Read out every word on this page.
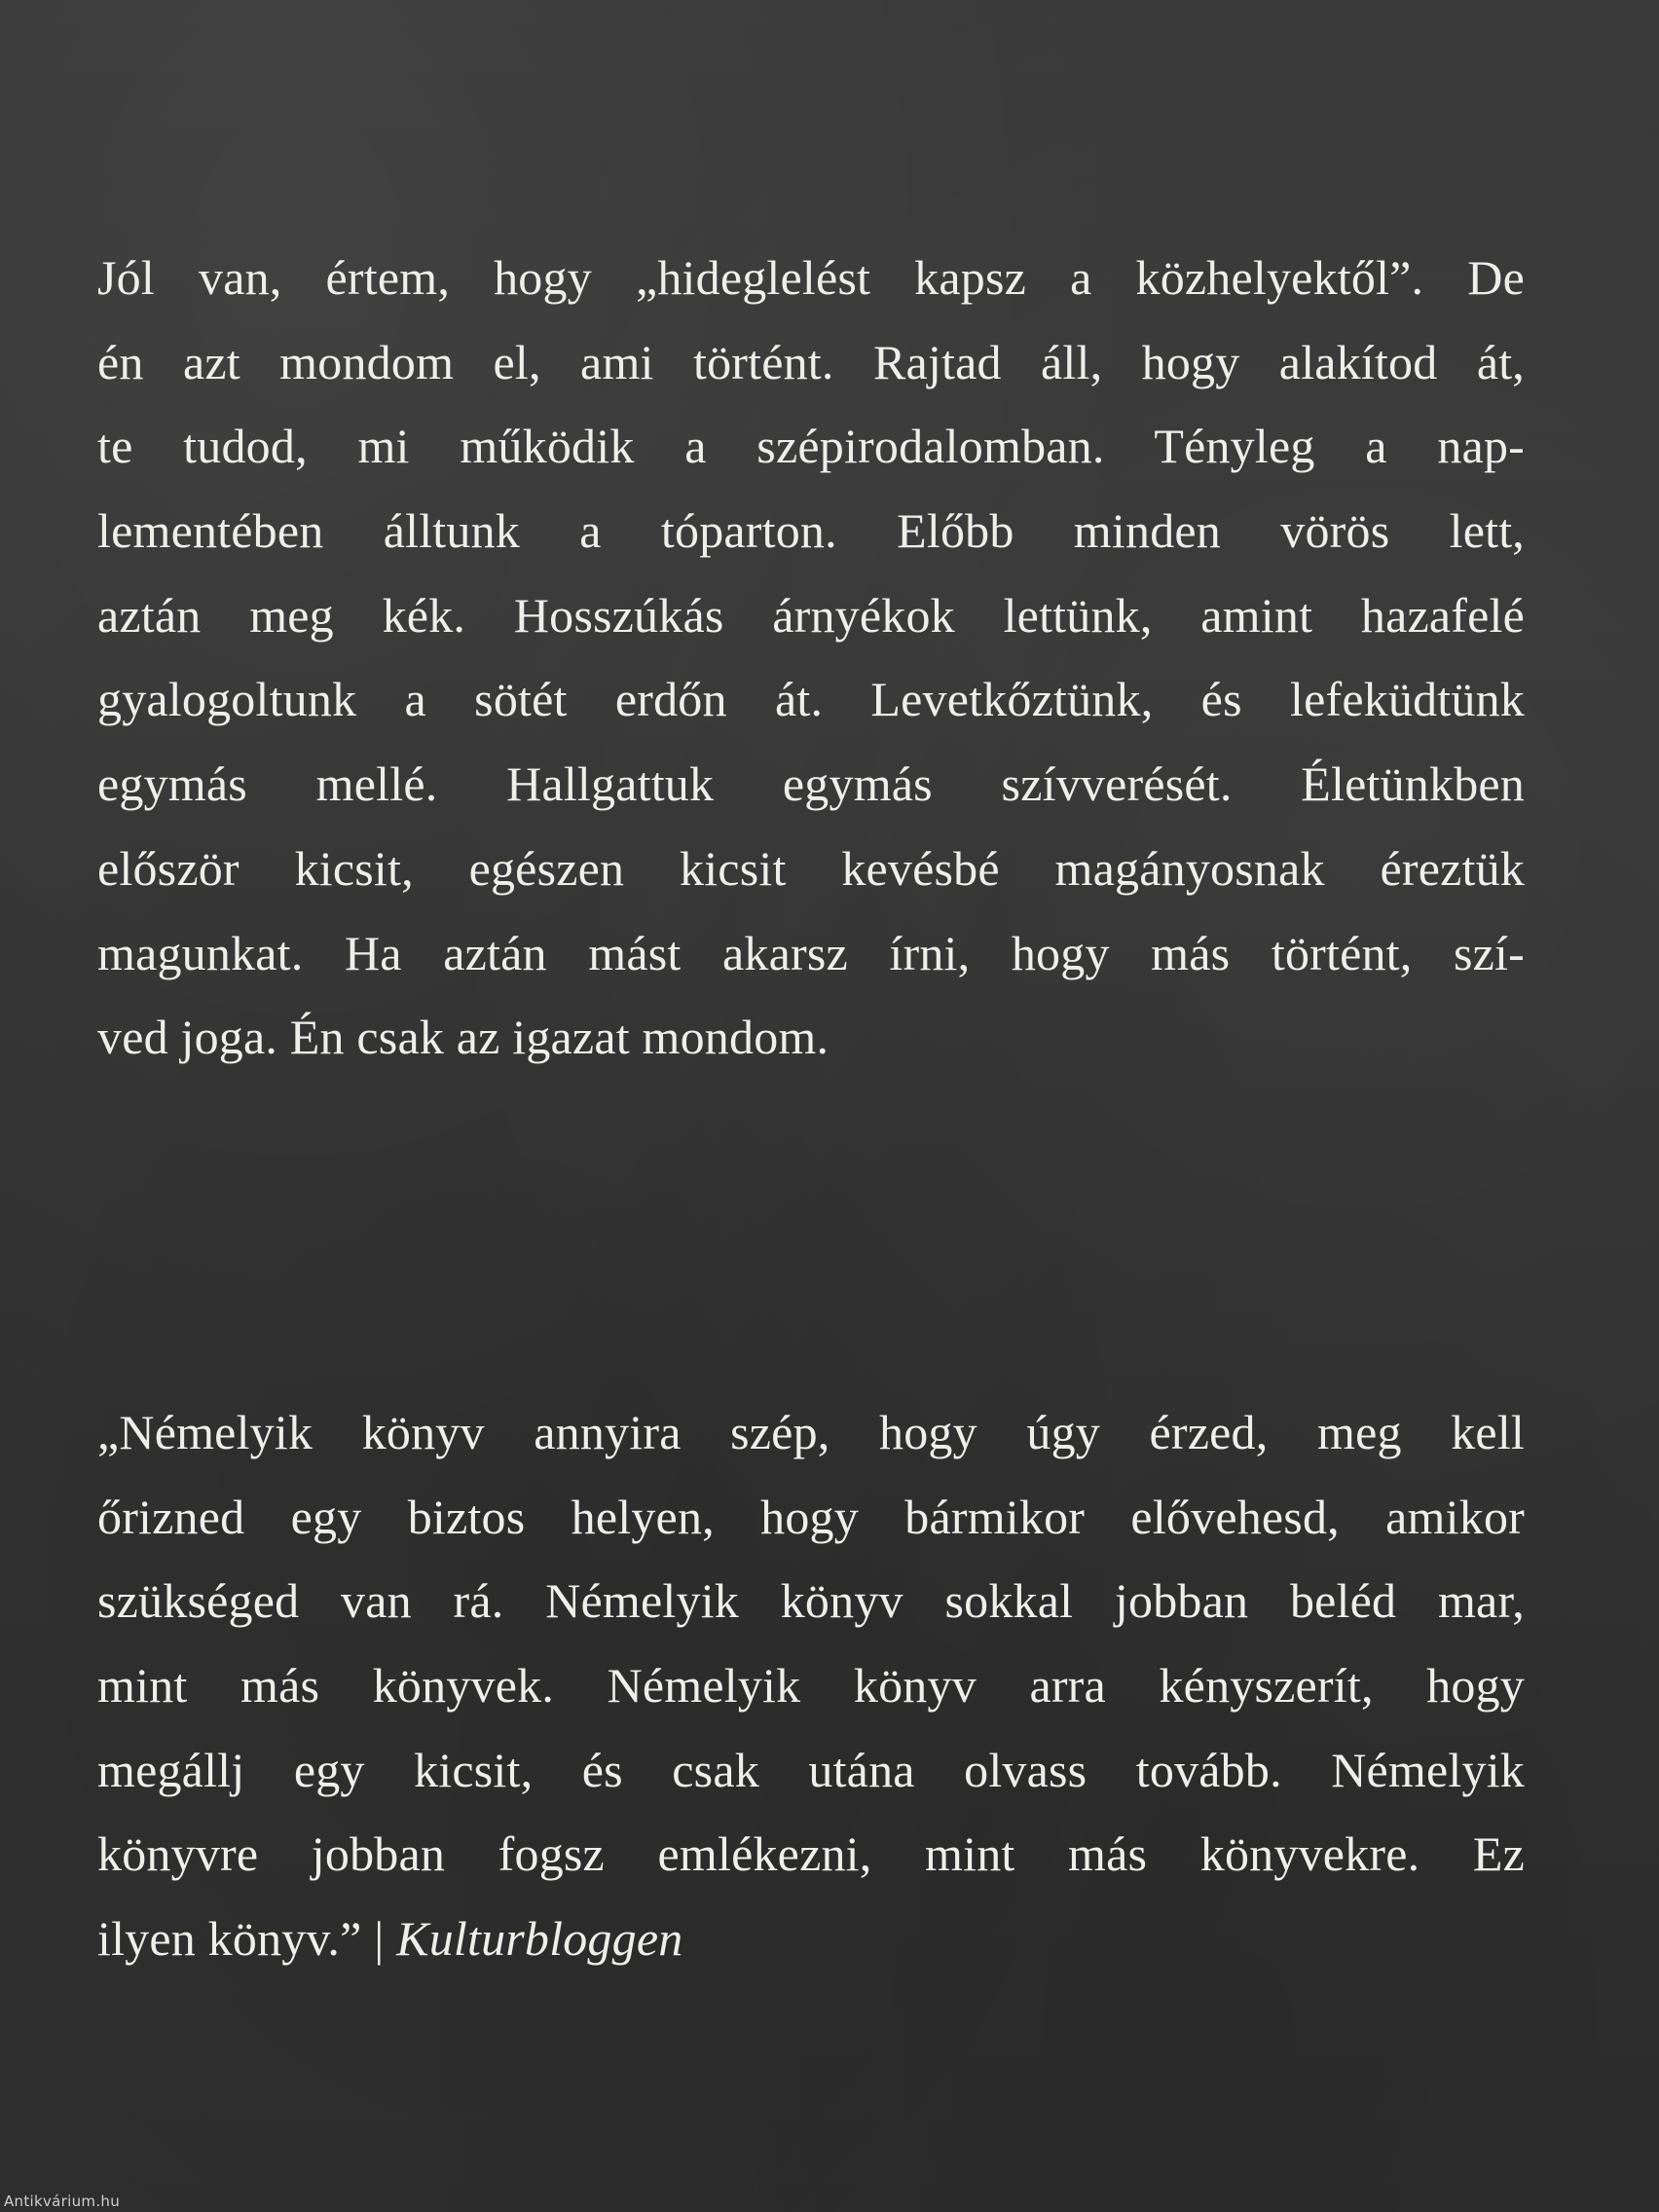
Jól van, értem, hogy „hideglelést kapsz a közhelyektől”. De
én azt mondom el, ami történt. Rajtad áll, hogy alakítod át,
te tudod, mi működik a szépirodalomban. Tényleg a nap-
lementében álltunk a tóparton. Előbb minden vörös lett,
aztán meg kék. Hosszúkás árnyékok lettünk, amint hazafelé
gyalogoltunk a sötét erdőn át. Levetkőztünk, és lefeküdtünk
egymás mellé. Hallgattuk egymás szívverését. Életünkben
először kicsit, egészen kicsit kevésbé magányosnak éreztük
magunkat. Ha aztán mást akarsz írni, hogy más történt, szí-
ved joga. Én csak az igazat mondom.
„Némelyik könyv annyira szép, hogy úgy érzed, meg kell
őrizned egy biztos helyen, hogy bármikor elővehesd, amikor
szükséged van rá. Némelyik könyv sokkal jobban beléd mar,
mint más könyvek. Némelyik könyv arra kényszerít, hogy
megállj egy kicsit, és csak utána olvass tovább. Némelyik
könyvre jobban fogsz emlékezni, mint más könyvekre. Ez
ilyen könyv.” | Kulturbloggen
Antikvárium.hu
